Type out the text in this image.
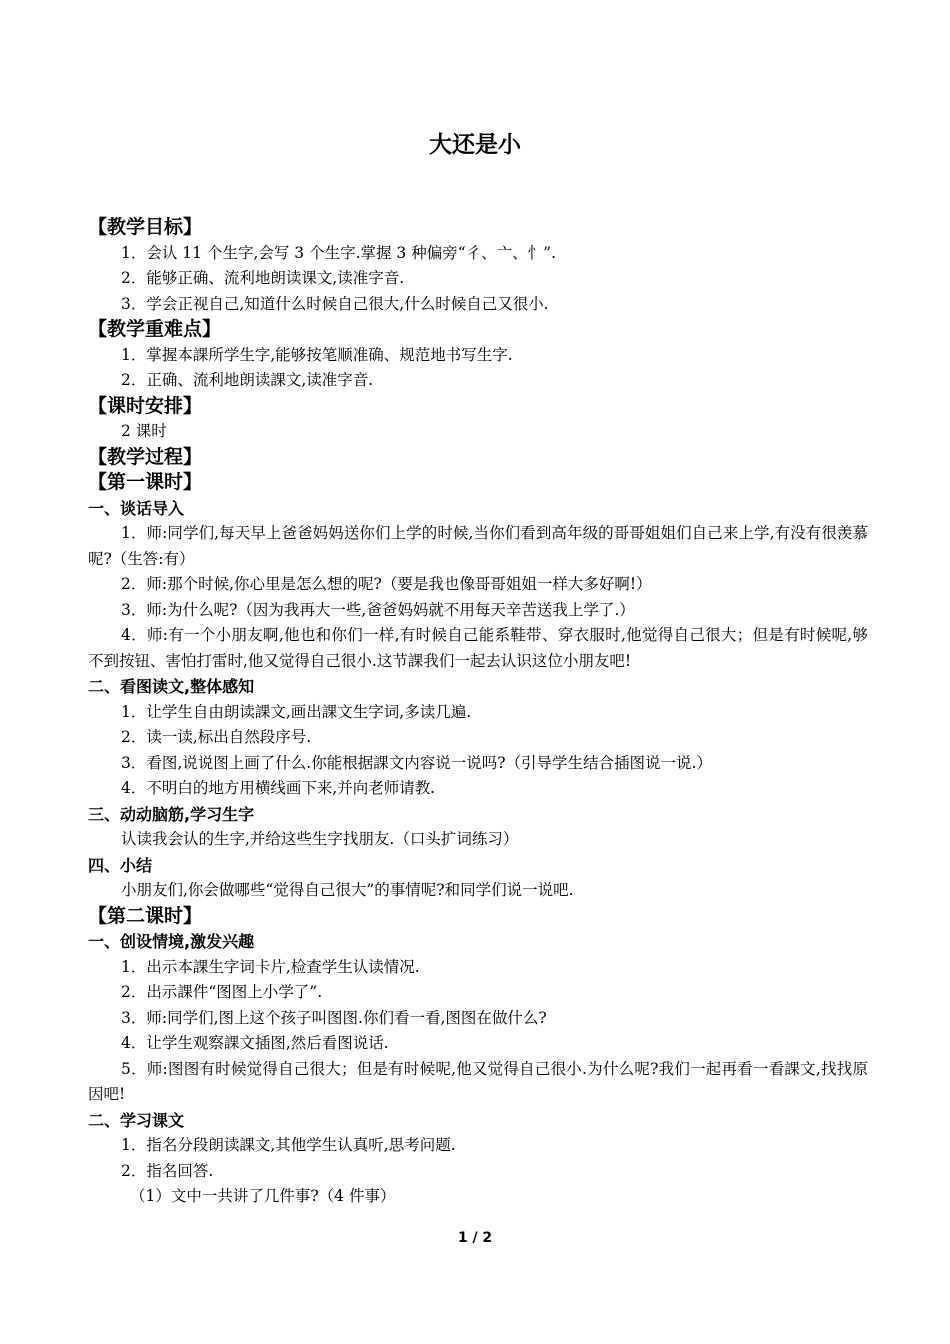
大还是小
【教学目标】
1．会认 11 个生字,会写 3 个生字.掌握 3 种偏旁“彳、亠、忄”.
2．能够正确、流利地朗读课文,读准字音.
3．学会正视自己,知道什么时候自己很大,什么时候自己又很小.
【教学重难点】
1．掌握本課所学生字,能够按笔顺准确、规范地书写生字.
2．正确、流利地朗读課文,读准字音.
【课时安排】
2 课时
【教学过程】
【第一课时】
一、谈话导入
1．师:同学们,每天早上爸爸妈妈送你们上学的时候,当你们看到高年级的哥哥姐姐们自己来上学,有没有很羡慕呢?（生答:有）
2．师:那个时候,你心里是怎么想的呢?（要是我也像哥哥姐姐一样大多好啊!）
3．师:为什么呢?（因为我再大一些,爸爸妈妈就不用每天辛苦送我上学了.）
4．师:有一个小朋友啊,他也和你们一样,有时候自己能系鞋带、穿衣服时,他觉得自己很大；但是有时候呢,够不到按钮、害怕打雷时,他又觉得自己很小.这节課我们一起去认识这位小朋友吧!
二、看图读文,整体感知
1．让学生自由朗读課文,画出課文生字词,多读几遍.
2．读一读,标出自然段序号.
3．看图,说说图上画了什么.你能根据課文内容说一说吗?（引导学生结合插图说一说.）
4．不明白的地方用横线画下来,并向老师请教.
三、动动脑筋,学习生字
认读我会认的生字,并给这些生字找朋友.（口头扩词练习）
四、小结
小朋友们,你会做哪些“觉得自己很大”的事情呢?和同学们说一说吧.
【第二课时】
一、创设情境,激发兴趣
1．出示本課生字词卡片,检查学生认读情况.
2．出示課件“图图上小学了”.
3．师:同学们,图上这个孩子叫图图.你们看一看,图图在做什么?
4．让学生观察課文插图,然后看图说话.
5．师:图图有时候觉得自己很大；但是有时候呢,他又觉得自己很小.为什么呢?我们一起再看一看課文,找找原因吧!
二、学习课文
1．指名分段朗读課文,其他学生认真听,思考问题.
2．指名回答.
（1）文中一共讲了几件事?（4 件事）
1 / 2
